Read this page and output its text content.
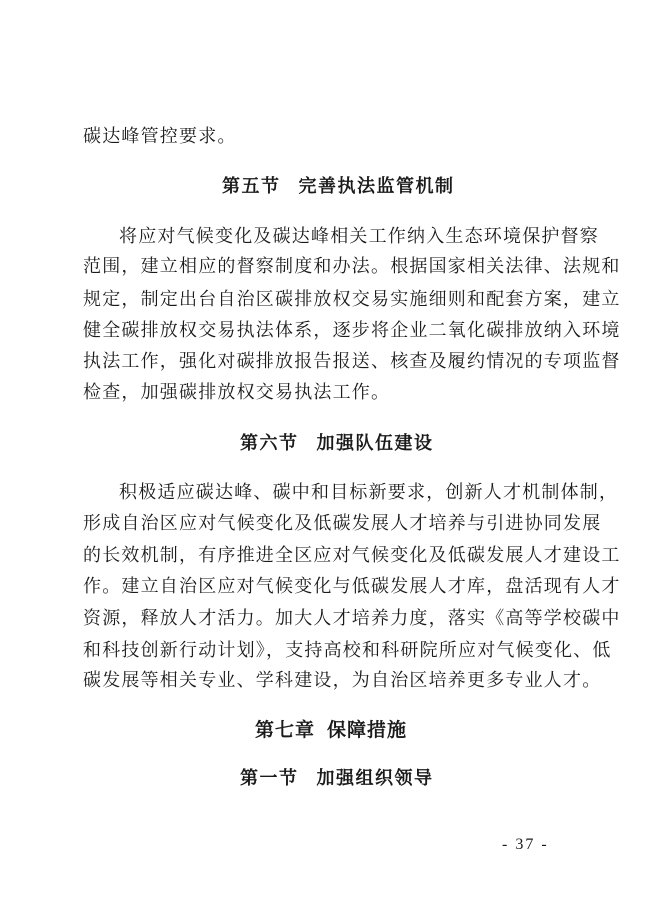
碳达峰管控要求。
第五节 完善执法监管机制
将应对气候变化及碳达峰相关工作纳入生态环境保护督察
范围，建立相应的督察制度和办法。根据国家相关法律、法规和
规定，制定出台自治区碳排放权交易实施细则和配套方案，建立
健全碳排放权交易执法体系，逐步将企业二氧化碳排放纳入环境
执法工作，强化对碳排放报告报送、核查及履约情况的专项监督
检查，加强碳排放权交易执法工作。
第六节 加强队伍建设
积极适应碳达峰、碳中和目标新要求，创新人才机制体制，
形成自治区应对气候变化及低碳发展人才培养与引进协同发展
的长效机制，有序推进全区应对气候变化及低碳发展人才建设工
作。建立自治区应对气候变化与低碳发展人才库，盘活现有人才
资源，释放人才活力。加大人才培养力度，落实《高等学校碳中
和科技创新行动计划》，支持高校和科研院所应对气候变化、低
碳发展等相关专业、学科建设，为自治区培养更多专业人才。
第七章 保障措施
第一节 加强组织领导
- 37 -
